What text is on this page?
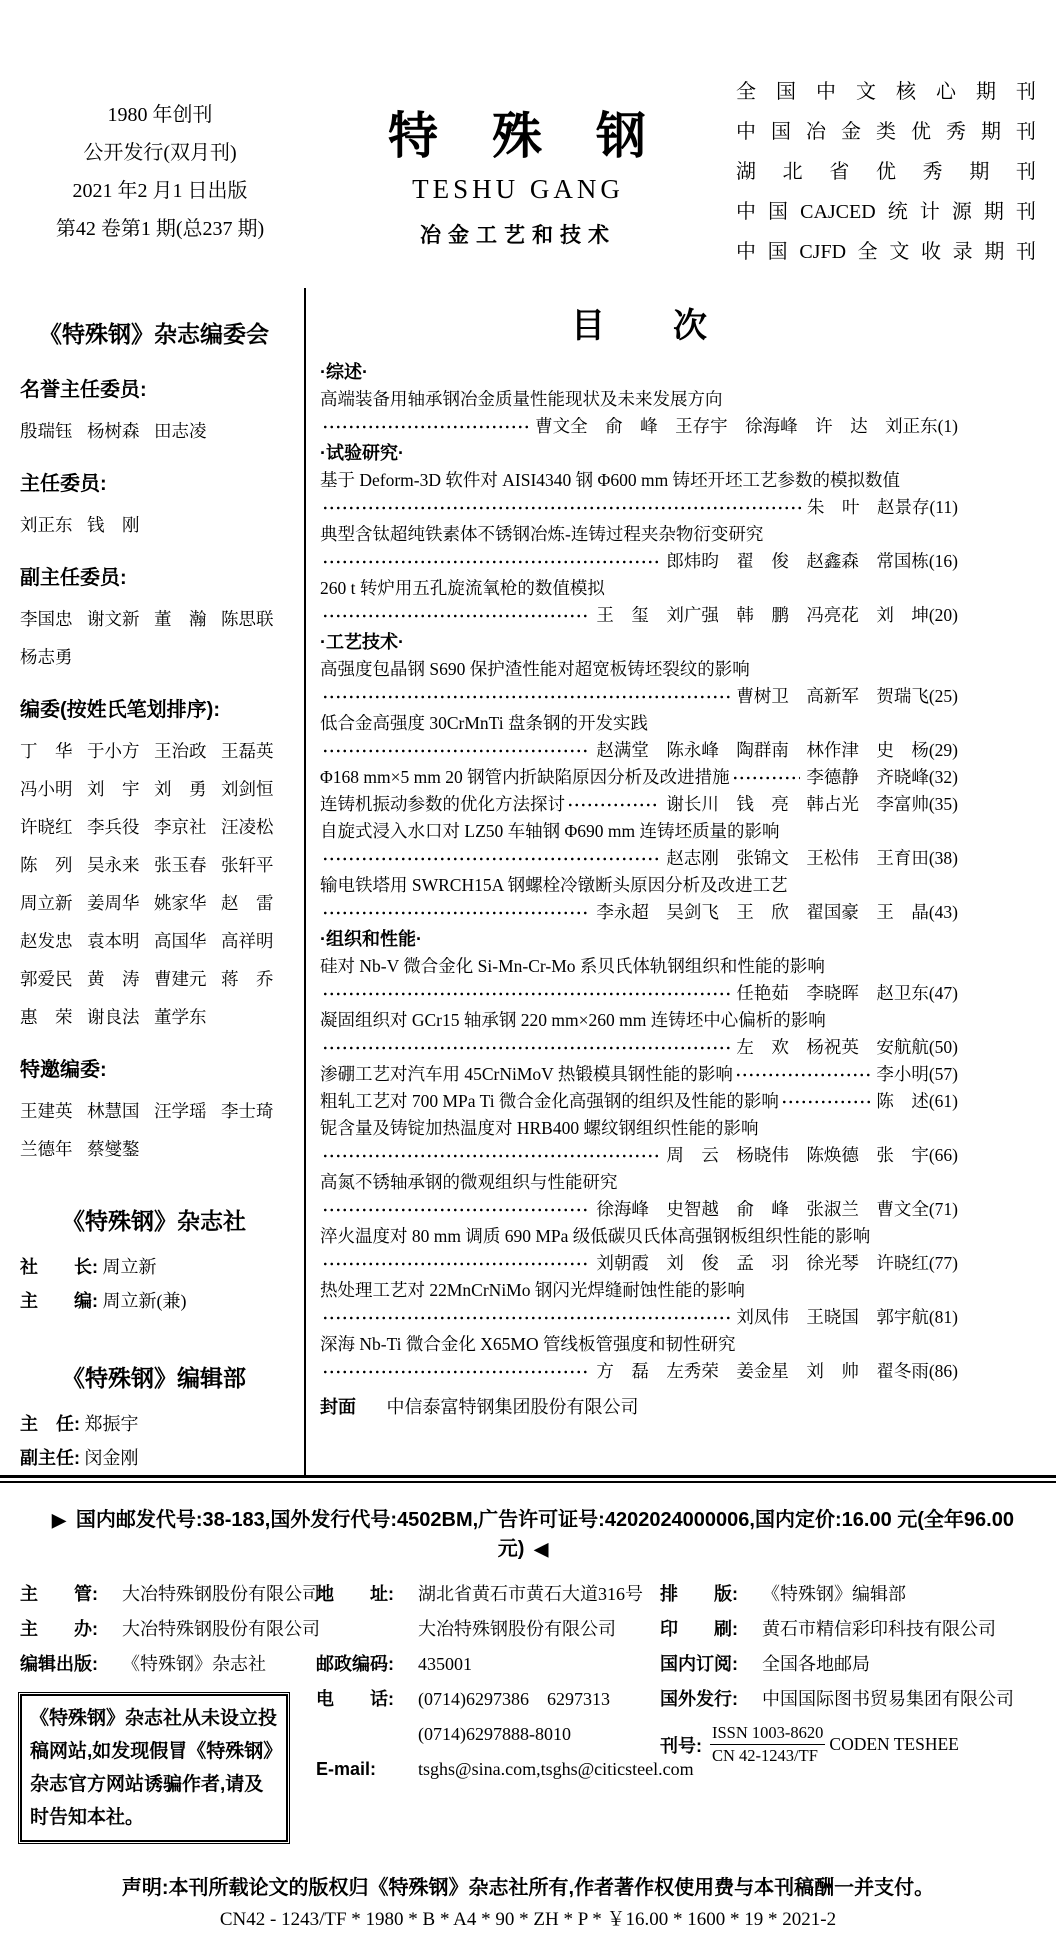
1980 年创刊
公开发行(双月刊)
2021 年2 月1 日出版
第42 卷第1 期(总237 期)
特　殊　钢
TESHU GANG
冶金工艺和技术
全国中文核心期刊
中国冶金类优秀期刊
湖北省优秀期刊
中国CAJCED统计源期刊
中国CJFD全文收录期刊
《特殊钢》杂志编委会
名誉主任委员:
殷瑞钰 杨树森 田志凌
主任委员:
刘正东 钱　刚
副主任委员:
李国忠 谢文新 董　瀚 陈思联
杨志勇
编委(按姓氏笔划排序):
丁　华 于小方 王治政 王磊英
冯小明 刘　宇 刘　勇 刘剑恒
许晓红 李兵役 李京社 汪凌松
陈　列 吴永来 张玉春 张轩平
周立新 姜周华 姚家华 赵　雷
赵发忠 袁本明 高国华 高祥明
郭爱民 黄　涛 曹建元 蒋　乔
惠　荣 谢良法 董学东
特邀编委:
王建英 林慧国 汪学瑶 李士琦
兰德年 蔡燮鏊
《特殊钢》杂志社
社　　长: 周立新
主　　编: 周立新(兼)
《特殊钢》编辑部
主　任: 郑振宇
副主任: 闵金刚
目　　次
·综述·
高端装备用轴承钢冶金质量性能现状及未来发展方向
曹文全　俞　峰　王存宇　徐海峰　许　达　刘正东(1)
·试验研究·
基于 Deform-3D 软件对 AISI4340 钢 Φ600 mm 铸坯开坯工艺参数的模拟数值
朱　叶　赵景存(11)
典型含钛超纯铁素体不锈钢冶炼-连铸过程夹杂物衍变研究
郎炜昀　翟　俊　赵鑫森　常国栋(16)
260 t 转炉用五孔旋流氧枪的数值模拟
王　玺　刘广强　韩　鹏　冯亮花　刘　坤(20)
·工艺技术·
高强度包晶钢 S690 保护渣性能对超宽板铸坯裂纹的影响
曹树卫　高新军　贺瑞飞(25)
低合金高强度 30CrMnTi 盘条钢的开发实践
赵满堂　陈永峰　陶群南　林作津　史　杨(29)
Φ168 mm×5 mm 20 钢管内折缺陷原因分析及改进措施	李德静　齐晓峰(32)
连铸机振动参数的优化方法探讨	谢长川　钱　亮　韩占光　李富帅(35)
自旋式浸入水口对 LZ50 车轴钢 Φ690 mm 连铸坯质量的影响
赵志刚　张锦文　王松伟　王育田(38)
输电铁塔用 SWRCH15A 钢螺栓冷镦断头原因分析及改进工艺
李永超　吴剑飞　王　欣　翟国豪　王　晶(43)
·组织和性能·
硅对 Nb-V 微合金化 Si-Mn-Cr-Mo 系贝氏体轨钢组织和性能的影响
任艳茹　李晓晖　赵卫东(47)
凝固组织对 GCr15 轴承钢 220 mm×260 mm 连铸坯中心偏析的影响
左　欢　杨祝英　安航航(50)
渗硼工艺对汽车用 45CrNiMoV 热锻模具钢性能的影响	李小明(57)
粗轧工艺对 700 MPa Ti 微合金化高强钢的组织及性能的影响	陈　述(61)
铌含量及铸锭加热温度对 HRB400 螺纹钢组织性能的影响
周　云　杨晓伟　陈焕德　张　宇(66)
高氮不锈轴承钢的微观组织与性能研究
徐海峰　史智越　俞　峰　张淑兰　曹文全(71)
淬火温度对 80 mm 调质 690 MPa 级低碳贝氏体高强钢板组织性能的影响
刘朝霞　刘　俊　孟　羽　徐光琴　许晓红(77)
热处理工艺对 22MnCrNiMo 钢闪光焊缝耐蚀性能的影响
刘凤伟　王晓国　郭宇航(81)
深海 Nb-Ti 微合金化 X65MO 管线板管强度和韧性研究
方　磊　左秀荣　姜金星　刘　帅　翟冬雨(86)
封面 中信泰富特钢集团股份有限公司
▶ 国内邮发代号:38-183,国外发行代号:4502BM,广告许可证号:4202024000006,国内定价:16.00 元(全年96.00 元) ◀
主　　管:	大冶特殊钢股份有限公司
主　　办:	大冶特殊钢股份有限公司
编辑出版:	《特殊钢》杂志社
《特殊钢》杂志社从未设立投稿网站,如发现假冒《特殊钢》杂志官方网站诱骗作者,请及时告知本社。
地　　址:	湖北省黄石市黄石大道316号
大冶特殊钢股份有限公司
邮政编码:	435001
电　　话:	(0714)6297386　6297313
(0714)6297888-8010
E-mail:	tsghs@sina.com,tsghs@citicsteel.com
排　　版:	《特殊钢》编辑部
印　　刷:	黄石市精信彩印科技有限公司
国内订阅:	全国各地邮局
国外发行:	中国国际图书贸易集团有限公司
刊号: $\frac{\text{ISSN 1003-8620}}{CN 42-1243/TF}$ CODEN TESHEE
声明:本刊所载论文的版权归《特殊钢》杂志社所有,作者著作权使用费与本刊稿酬一并支付。
CN42 - 1243/TF * 1980 * B * A4 * 90 * ZH * P * ￥16.00 * 1600 * 19 * 2021-2
